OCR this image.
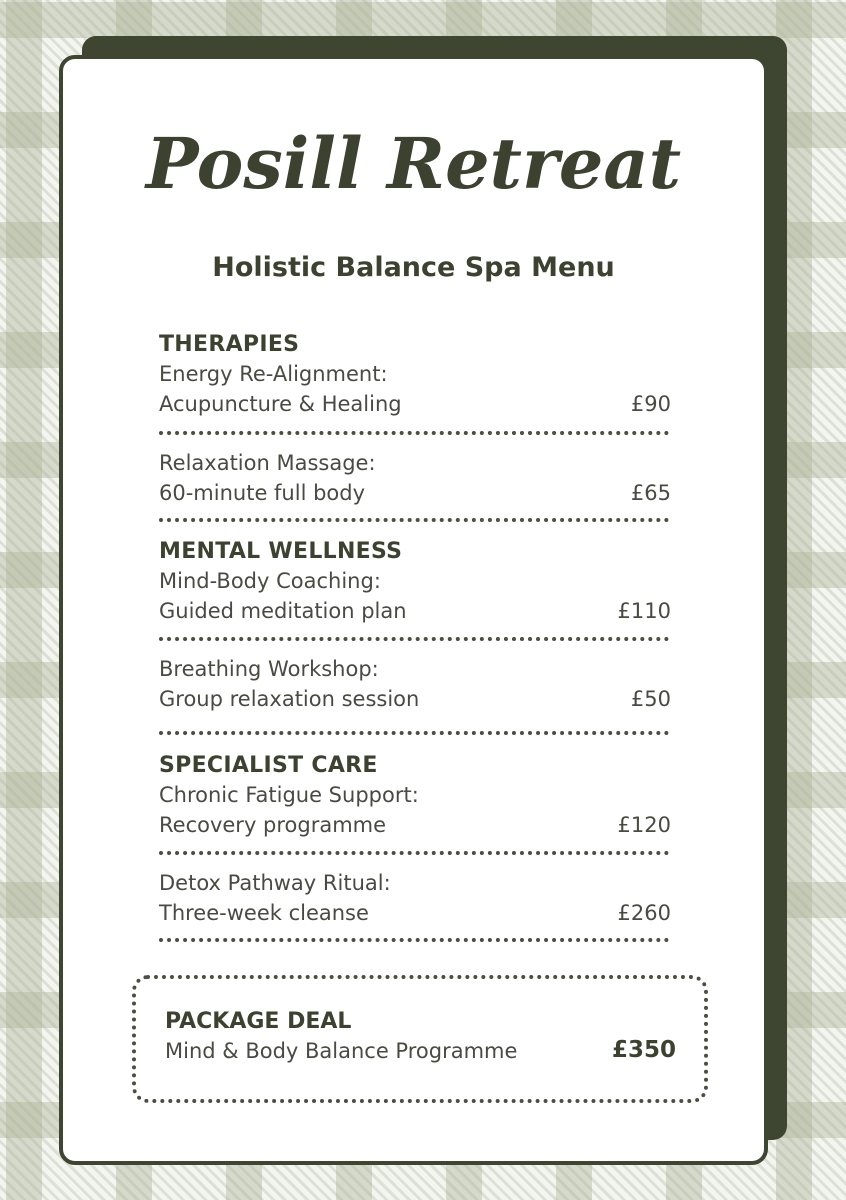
Posill Retreat
Holistic Balance Spa Menu
THERAPIES
Energy Re-Alignment:
Acupuncture & Healing	£90
Relaxation Massage:
60-minute full body	£65
MENTAL WELLNESS
Mind-Body Coaching:
Guided meditation plan	£110
Breathing Workshop:
Group relaxation session	£50
SPECIALIST CARE
Chronic Fatigue Support:
Recovery programme	£120
Detox Pathway Ritual:
Three-week cleanse	£260
PACKAGE DEAL
Mind & Body Balance Programme	£350
